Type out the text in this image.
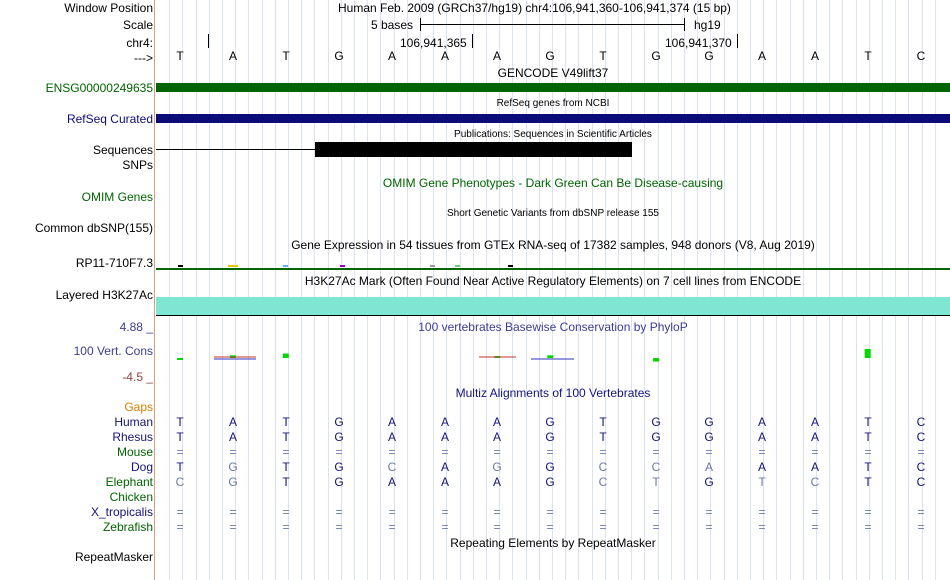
Window Position	Human Feb. 2009 (GRCh37/hg19) chr4:106,941,360-106,941,374 (15 bp)
Scale	5 bases	hg19
chr4:	106,941,365	106,941,370
--->	T	A	T	G	A	A	A	G	T	G	G	A	A	T	C
GENCODE V49lift37
ENSG00000249635
RefSeq genes from NCBI
RefSeq Curated
Publications: Sequences in Scientific Articles
Sequences
SNPs
OMIM Gene Phenotypes - Dark Green Can Be Disease-causing
OMIM Genes
Short Genetic Variants from dbSNP release 155
Common dbSNP(155)
Gene Expression in 54 tissues from GTEx RNA-seq of 17382 samples, 948 donors (V8, Aug 2019)
RP11-710F7.3
H3K27Ac Mark (Often Found Near Active Regulatory Elements) on 7 cell lines from ENCODE
Layered H3K27Ac
100 vertebrates Basewise Conservation by PhyloP
4.88 _
100 Vert. Cons
-4.5 _
Multiz Alignments of 100 Vertebrates
Gaps
Human	T	A	T	G	A	A	A	G	T	G	G	A	A	T	C
Rhesus	T	A	T	G	A	A	A	G	T	G	G	A	A	T	C
Mouse	=	=	=	=	=	=	=	=	=	=	=	=	=	=	=
Dog	T	G	T	G	C	A	G	G	C	C	A	A	A	T	C
Elephant	C	G	T	G	A	A	A	G	C	T	G	T	C	T	C
Chicken
X_tropicalis	=	=	=	=	=	=	=	=	=	=	=	=	=	=	=
Zebrafish	=	=	=	=	=	=	=	=	=	=	=	=	=	=	=
Repeating Elements by RepeatMasker
RepeatMasker
